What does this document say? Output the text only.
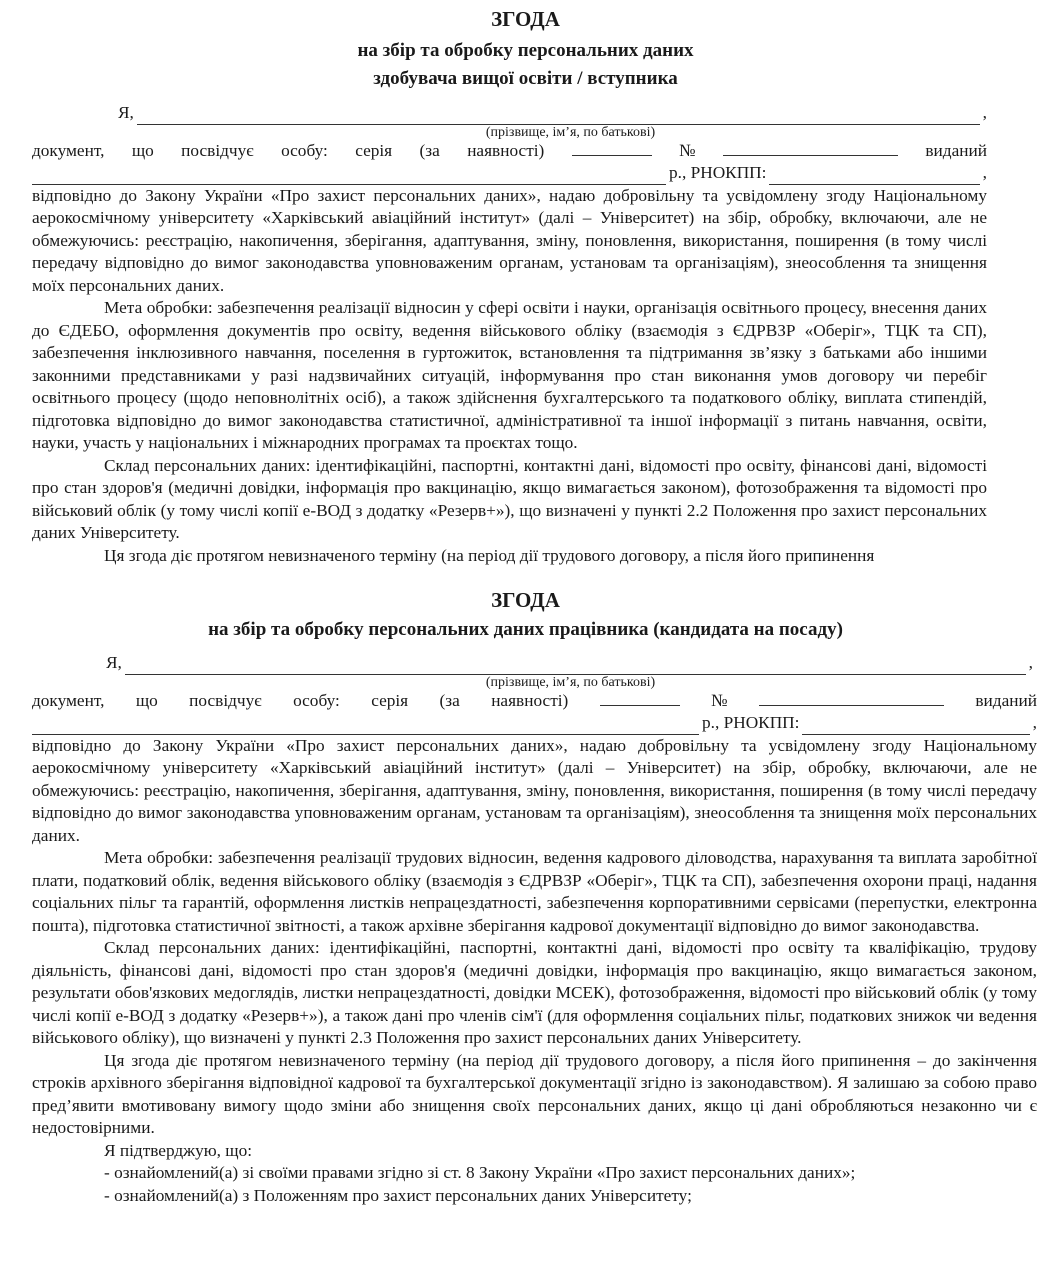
ЗГОДА

на збір та обробку персональних даних

здобувача вищої освіти / вступника

Я,	,
(прізвище, ім’я, по батькові)
документ, що посвідчує особу: серія (за наявності)	№	виданий
р., РНОКПП:	,

відповідно до Закону України «Про захист персональних даних», надаю добровільну та усвідомлену згоду Національному аерокосмічному університету «Харківський авіаційний інститут» (далі – Університет) на збір, обробку, включаючи, але не обмежуючись: реєстрацію, накопичення, зберігання, адаптування, зміну, поновлення, використання, поширення (в тому числі передачу відповідно до вимог законодавства уповноваженим органам, установам та організаціям), знеособлення та знищення моїх персональних даних.

Мета обробки: забезпечення реалізації відносин у сфері освіти і науки, організація освітнього процесу, внесення даних до ЄДЕБО, оформлення документів про освіту, ведення військового обліку (взаємодія з ЄДРВЗР «Оберіг», ТЦК та СП), забезпечення інклюзивного навчання, поселення в гуртожиток, встановлення та підтримання зв’язку з батьками або іншими законними представниками у разі надзвичайних ситуацій, інформування про стан виконання умов договору чи перебіг освітнього процесу (щодо неповнолітніх осіб), а також здійснення бухгалтерського та податкового обліку, виплата стипендій, підготовка відповідно до вимог законодавства статистичної, адміністративної та іншої інформації з питань навчання, освіти, науки, участь у національних і міжнародних програмах та проєктах тощо.

Склад персональних даних: ідентифікаційні, паспортні, контактні дані, відомості про освіту, фінансові дані, відомості про стан здоров'я (медичні довідки, інформація про вакцинацію, якщо вимагається законом), фотозображення та відомості про військовий облік (у тому числі копії е-ВОД з додатку «Резерв+»), що визначені у пункті 2.2 Положення про захист персональних даних Університету.

Ця згода діє протягом невизначеного терміну (на період дії трудового договору, а після його припинення

ЗГОДА

на збір та обробку персональних даних працівника (кандидата на посаду)

Я,	,
(прізвище, ім’я, по батькові)
документ, що посвідчує особу: серія (за наявності)	№	виданий
р., РНОКПП:	,

відповідно до Закону України «Про захист персональних даних», надаю добровільну та усвідомлену згоду Національному аерокосмічному університету «Харківський авіаційний інститут» (далі – Університет) на збір, обробку, включаючи, але не обмежуючись: реєстрацію, накопичення, зберігання, адаптування, зміну, поновлення, використання, поширення (в тому числі передачу відповідно до вимог законодавства уповноваженим органам, установам та організаціям), знеособлення та знищення моїх персональних даних.

Мета обробки: забезпечення реалізації трудових відносин, ведення кадрового діловодства, нарахування та виплата заробітної плати, податковий облік, ведення військового обліку (взаємодія з ЄДРВЗР «Оберіг», ТЦК та СП), забезпечення охорони праці, надання соціальних пільг та гарантій, оформлення листків непрацездатності, забезпечення корпоративними сервісами (перепустки, електронна пошта), підготовка статистичної звітності, а також архівне зберігання кадрової документації відповідно до вимог законодавства.

Склад персональних даних: ідентифікаційні, паспортні, контактні дані, відомості про освіту та кваліфікацію, трудову діяльність, фінансові дані, відомості про стан здоров'я (медичні довідки, інформація про вакцинацію, якщо вимагається законом, результати обов'язкових медоглядів, листки непрацездатності, довідки МСЕК), фотозображення, відомості про військовий облік (у тому числі копії е-ВОД з додатку «Резерв+»), а також дані про членів сім'ї (для оформлення соціальних пільг, податкових знижок чи ведення військового обліку), що визначені у пункті 2.3 Положення про захист персональних даних Університету.

Ця згода діє протягом невизначеного терміну (на період дії трудового договору, а після його припинення – до закінчення строків архівного зберігання відповідної кадрової та бухгалтерської документації згідно із законодавством). Я залишаю за собою право пред’явити вмотивовану вимогу щодо зміни або знищення своїх персональних даних, якщо ці дані обробляються незаконно чи є недостовірними.

Я підтверджую, що:

- ознайомлений(а) зі своїми правами згідно зі ст. 8 Закону України «Про захист персональних даних»;

- ознайомлений(а) з Положенням про захист персональних даних Університету;
